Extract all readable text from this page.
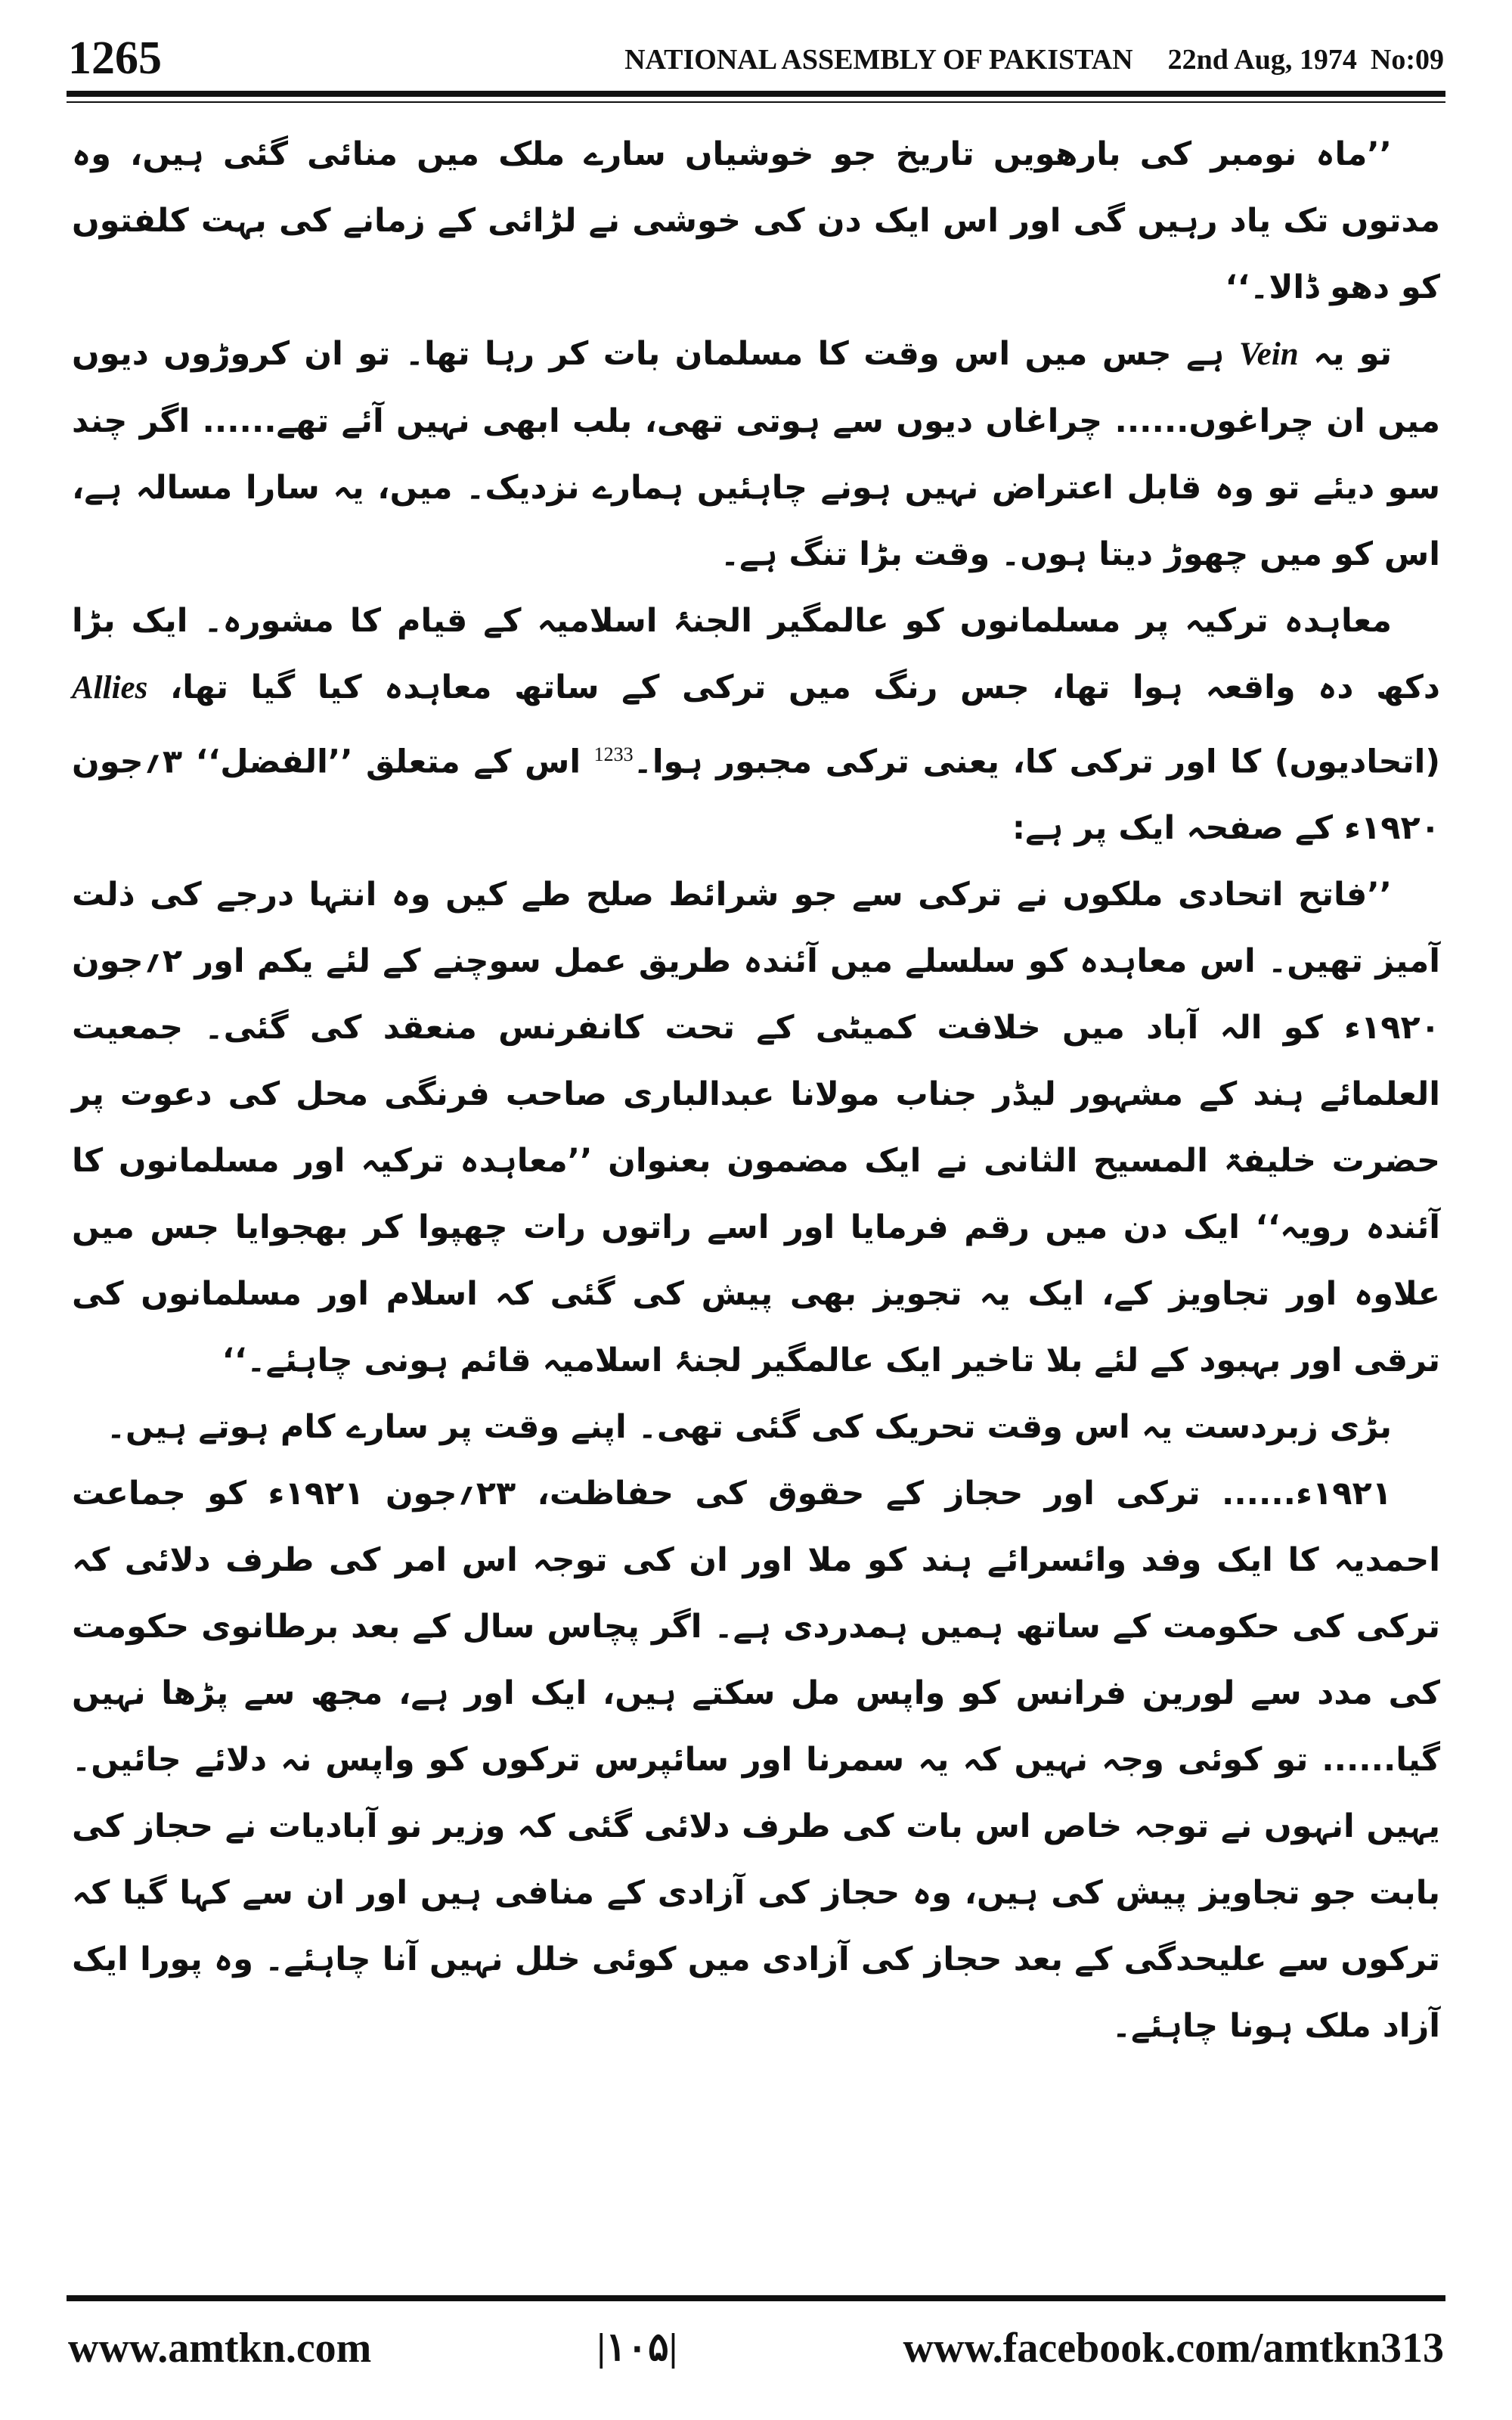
1265	NATIONAL ASSEMBLY OF PAKISTAN 22nd Aug, 1974 No:09

’’ماہ نومبر کی بارھویں تاریخ جو خوشیاں سارے ملک میں منائی گئی ہیں، وہ مدتوں تک یاد رہیں گی اور اس ایک دن کی خوشی نے لڑائی کے زمانے کی بہت کلفتوں کو دھو ڈالا۔‘‘

تو یہ Vein ہے جس میں اس وقت کا مسلمان بات کر رہا تھا۔ تو ان کروڑوں دیوں میں ان چراغوں...... چراغاں دیوں سے ہوتی تھی، بلب ابھی نہیں آئے تھے...... اگر چند سو دیئے تو وہ قابل اعتراض نہیں ہونے چاہئیں ہمارے نزدیک۔ میں، یہ سارا مسالہ ہے، اس کو میں چھوڑ دیتا ہوں۔ وقت بڑا تنگ ہے۔

معاہدہ ترکیہ پر مسلمانوں کو عالمگیر الجنۂ اسلامیہ کے قیام کا مشورہ۔ ایک بڑا دکھ دہ واقعہ ہوا تھا، جس رنگ میں ترکی کے ساتھ معاہدہ کیا گیا تھا، Allies (اتحادیوں) کا اور ترکی کا، یعنی ترکی مجبور ہوا۔$^{1233}$ اس کے متعلق ’’الفضل‘‘ ۳؍جون ۱۹۲۰ء کے صفحہ ایک پر ہے:

’’فاتح اتحادی ملکوں نے ترکی سے جو شرائط صلح طے کیں وہ انتہا درجے کی ذلت آمیز تھیں۔ اس معاہدہ کو سلسلے میں آئندہ طریق عمل سوچنے کے لئے یکم اور ۲؍جون ۱۹۲۰ء کو الہ آباد میں خلافت کمیٹی کے تحت کانفرنس منعقد کی گئی۔ جمعیت العلمائے ہند کے مشہور لیڈر جناب مولانا عبدالباری صاحب فرنگی محل کی دعوت پر حضرت خلیفۃ المسیح الثانی نے ایک مضمون بعنوان ’’معاہدہ ترکیہ اور مسلمانوں کا آئندہ رویہ‘‘ ایک دن میں رقم فرمایا اور اسے راتوں رات چھپوا کر بھجوایا جس میں علاوہ اور تجاویز کے، ایک یہ تجویز بھی پیش کی گئی کہ اسلام اور مسلمانوں کی ترقی اور بہبود کے لئے بلا تاخیر ایک عالمگیر لجنۂ اسلامیہ قائم ہونی چاہئے۔‘‘

بڑی زبردست یہ اس وقت تحریک کی گئی تھی۔ اپنے وقت پر سارے کام ہوتے ہیں۔

۱۹۲۱ء...... ترکی اور حجاز کے حقوق کی حفاظت، ۲۳؍جون ۱۹۲۱ء کو جماعت احمدیہ کا ایک وفد وائسرائے ہند کو ملا اور ان کی توجہ اس امر کی طرف دلائی کہ ترکی کی حکومت کے ساتھ ہمیں ہمدردی ہے۔ اگر پچاس سال کے بعد برطانوی حکومت کی مدد سے لورین فرانس کو واپس مل سکتے ہیں، ایک اور ہے، مجھ سے پڑھا نہیں گیا...... تو کوئی وجہ نہیں کہ یہ سمرنا اور سائپرس ترکوں کو واپس نہ دلائے جائیں۔ یہیں انہوں نے توجہ خاص اس بات کی طرف دلائی گئی کہ وزیر نو آبادیات نے حجاز کی بابت جو تجاویز پیش کی ہیں، وہ حجاز کی آزادی کے منافی ہیں اور ان سے کہا گیا کہ ترکوں سے علیحدگی کے بعد حجاز کی آزادی میں کوئی خلل نہیں آنا چاہئے۔ وہ پورا ایک آزاد ملک ہونا چاہئے۔

www.amtkn.com	|۱۰۵|	www.facebook.com/amtkn313
